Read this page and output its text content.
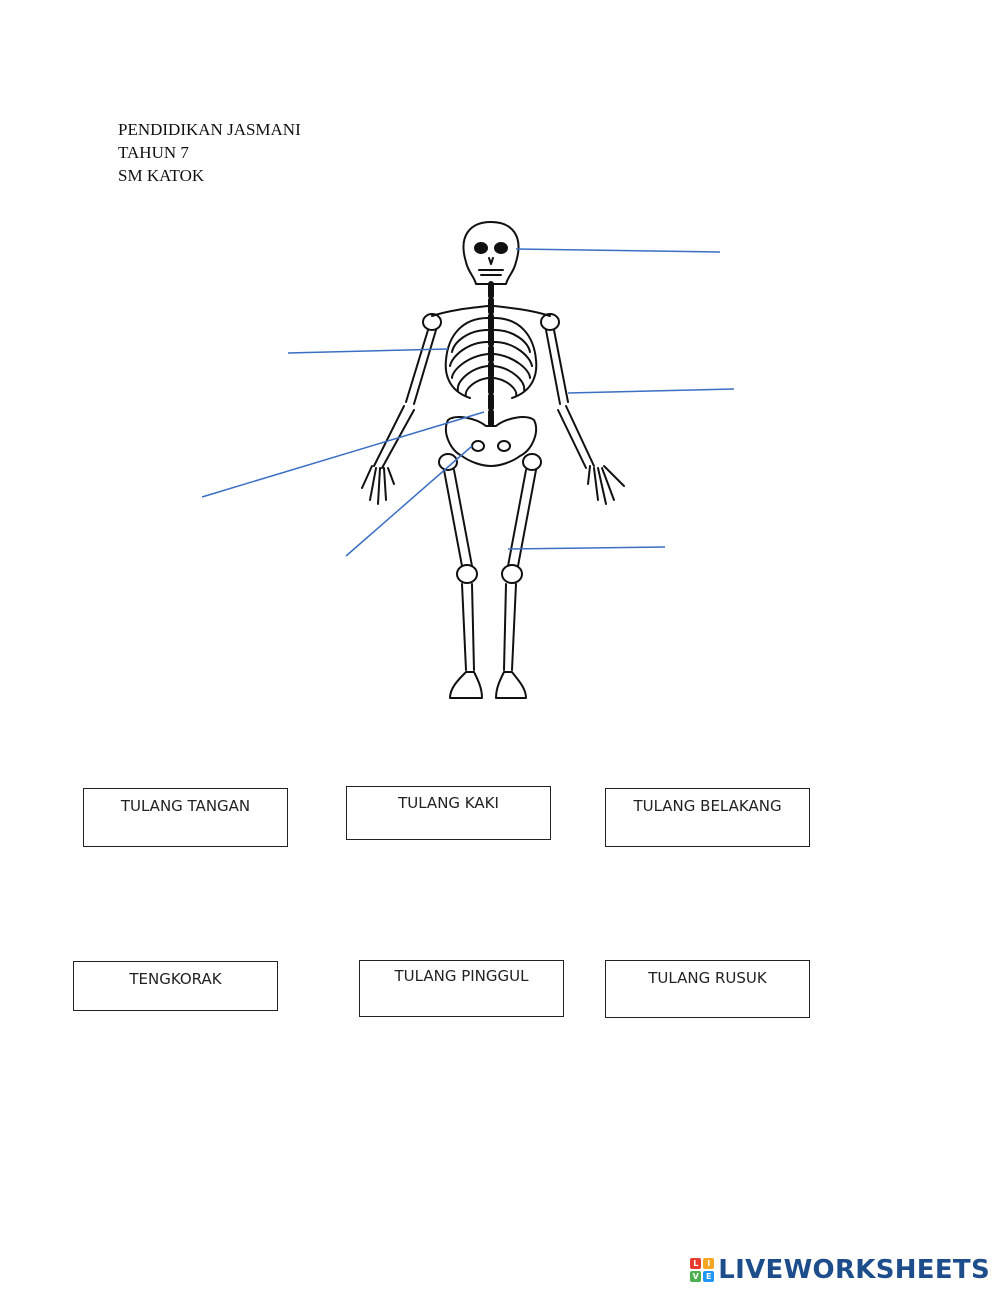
PENDIDIKAN JASMANI
TAHUN 7
SM KATOK
TULANG TANGAN	TULANG KAKI	TULANG BELAKANG
TENGKORAK	TULANG PINGGUL	TULANG RUSUK
L	I
V E LIVEWORKSHEETS
